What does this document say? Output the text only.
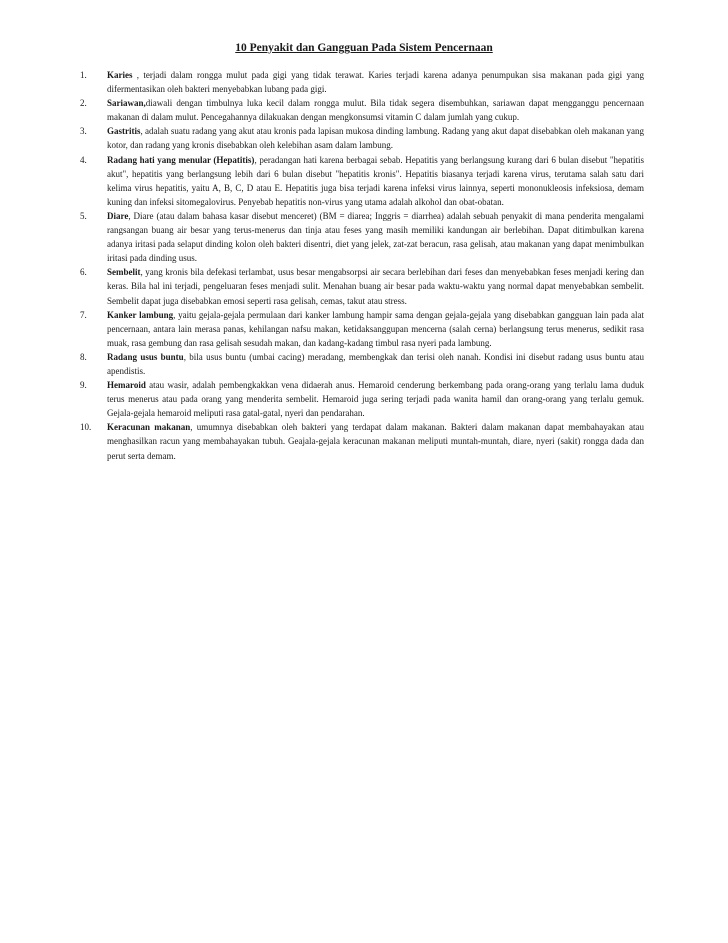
10 Penyakit dan Gangguan Pada Sistem Pencernaan
1.	Karies , terjadi dalam rongga mulut pada gigi yang tidak terawat. Karies terjadi karena adanya penumpukan sisa makanan pada gigi yang difermentasikan oleh bakteri menyebabkan lubang pada gigi.

2.	Sariawan,diawali dengan timbulnya luka kecil dalam rongga mulut. Bila tidak segera disembuhkan, sariawan dapat mengganggu pencernaan makanan di dalam mulut. Pencegahannya dilakuakan dengan mengkonsumsi vitamin C dalam jumlah yang cukup.

3.	Gastritis, adalah suatu radang yang akut atau kronis pada lapisan mukosa dinding lambung. Radang yang akut dapat disebabkan oleh makanan yang kotor, dan radang yang kronis disebabkan oleh kelebihan asam dalam lambung.

4.	Radang hati yang menular (Hepatitis), peradangan hati karena berbagai sebab. Hepatitis yang berlangsung kurang dari 6 bulan disebut "hepatitis akut", hepatitis yang berlangsung lebih dari 6 bulan disebut "hepatitis kronis". Hepatitis biasanya terjadi karena virus, terutama salah satu dari kelima virus hepatitis, yaitu A, B, C, D atau E. Hepatitis juga bisa terjadi karena infeksi virus lainnya, seperti mononukleosis infeksiosa, demam kuning dan infeksi sitomegalovirus. Penyebab hepatitis non-virus yang utama adalah alkohol dan obat-obatan.

5.	Diare, Diare (atau dalam bahasa kasar disebut menceret) (BM = diarea; Inggris = diarrhea) adalah sebuah penyakit di mana penderita mengalami rangsangan buang air besar yang terus-menerus dan tinja atau feses yang masih memiliki kandungan air berlebihan. Dapat ditimbulkan karena adanya iritasi pada selaput dinding kolon oleh bakteri disentri, diet yang jelek, zat-zat beracun, rasa gelisah, atau makanan yang dapat menimbulkan iritasi pada dinding usus.

6.	Sembelit, yang kronis bila defekasi terlambat, usus besar mengabsorpsi air secara berlebihan dari feses dan menyebabkan feses menjadi kering dan keras. Bila hal ini terjadi, pengeluaran feses menjadi sulit. Menahan buang air besar pada waktu-waktu yang normal dapat menyebabkan sembelit. Sembelit dapat juga disebabkan emosi seperti rasa gelisah, cemas, takut atau stress.

7.	Kanker lambung, yaitu gejala-gejala permulaan dari kanker lambung hampir sama dengan gejala-gejala yang disebabkan gangguan lain pada alat pencernaan, antara lain merasa panas, kehilangan nafsu makan, ketidaksanggupan mencerna (salah cerna) berlangsung terus menerus, sedikit rasa muak, rasa gembung dan rasa gelisah sesudah makan, dan kadang-kadang timbul rasa nyeri pada lambung.

8.	Radang usus buntu, bila usus buntu (umbai cacing) meradang, membengkak dan terisi oleh nanah. Kondisi ini disebut radang usus buntu atau apendistis.

9.	Hemaroid atau wasir, adalah pembengkakkan vena didaerah anus. Hemaroid cenderung berkembang pada orang-orang yang terlalu lama duduk terus menerus atau pada orang yang menderita sembelit. Hemaroid juga sering terjadi pada wanita hamil dan orang-orang yang terlalu gemuk. Gejala-gejala hemaroid meliputi rasa gatal-gatal, nyeri dan pendarahan.

10.	Keracunan makanan, umumnya disebabkan oleh bakteri yang terdapat dalam makanan. Bakteri dalam makanan dapat membahayakan atau menghasilkan racun yang membahayakan tubuh. Geajala-gejala keracunan makanan meliputi muntah-muntah, diare, nyeri (sakit) rongga dada dan perut serta demam.
